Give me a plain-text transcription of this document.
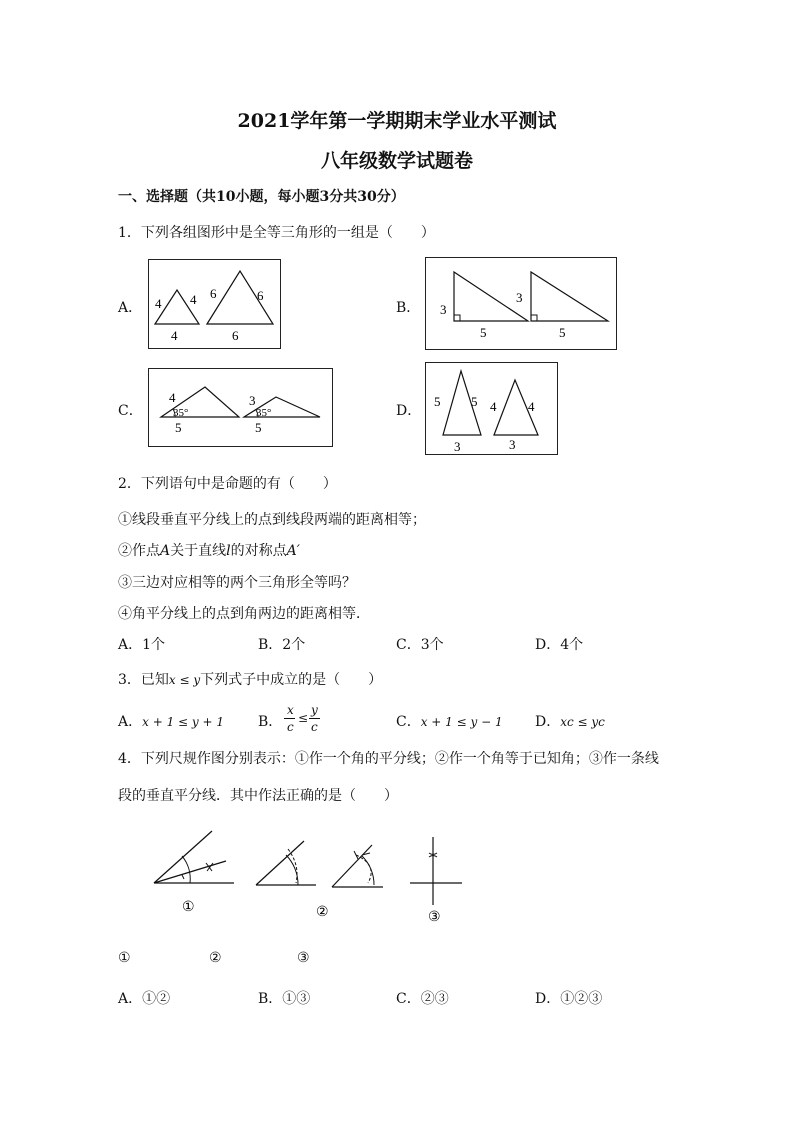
2021学年第一学期期末学业水平测试
八年级数学试题卷
一、选择题（共10小题，每小题3分共30分）
1．下列各组图形中是全等三角形的一组是（　　）
A． 4 4
4
6	6
6
B． 3
5
3
5
C．
4
35°
5
3
35°
5
D．
5 5
3
4 4
3
2．下列语句中是命题的有（　　）
①线段垂直平分线上的点到线段两端的距离相等；
②作点A关于直线l的对称点A′
③三边对应相等的两个三角形全等吗？
④角平分线上的点到角两边的距离相等．
A．1个	B．2个	C．3个	D．4个
3．已知x ≤ y下列式子中成立的是（　　）
A．x + 1 ≤ y + 1 B．
x
c
≤
y
c	C．x + 1 ≤ y − 1 D．xc ≤ yc
4．下列尺规作图分别表示：①作一个角的平分线；②作一个角等于已知角；③作一条线
段的垂直平分线．其中作法正确的是（　　）
①	②	③
①	②	③
A．①②	B．①③	C．②③	D．①②③
